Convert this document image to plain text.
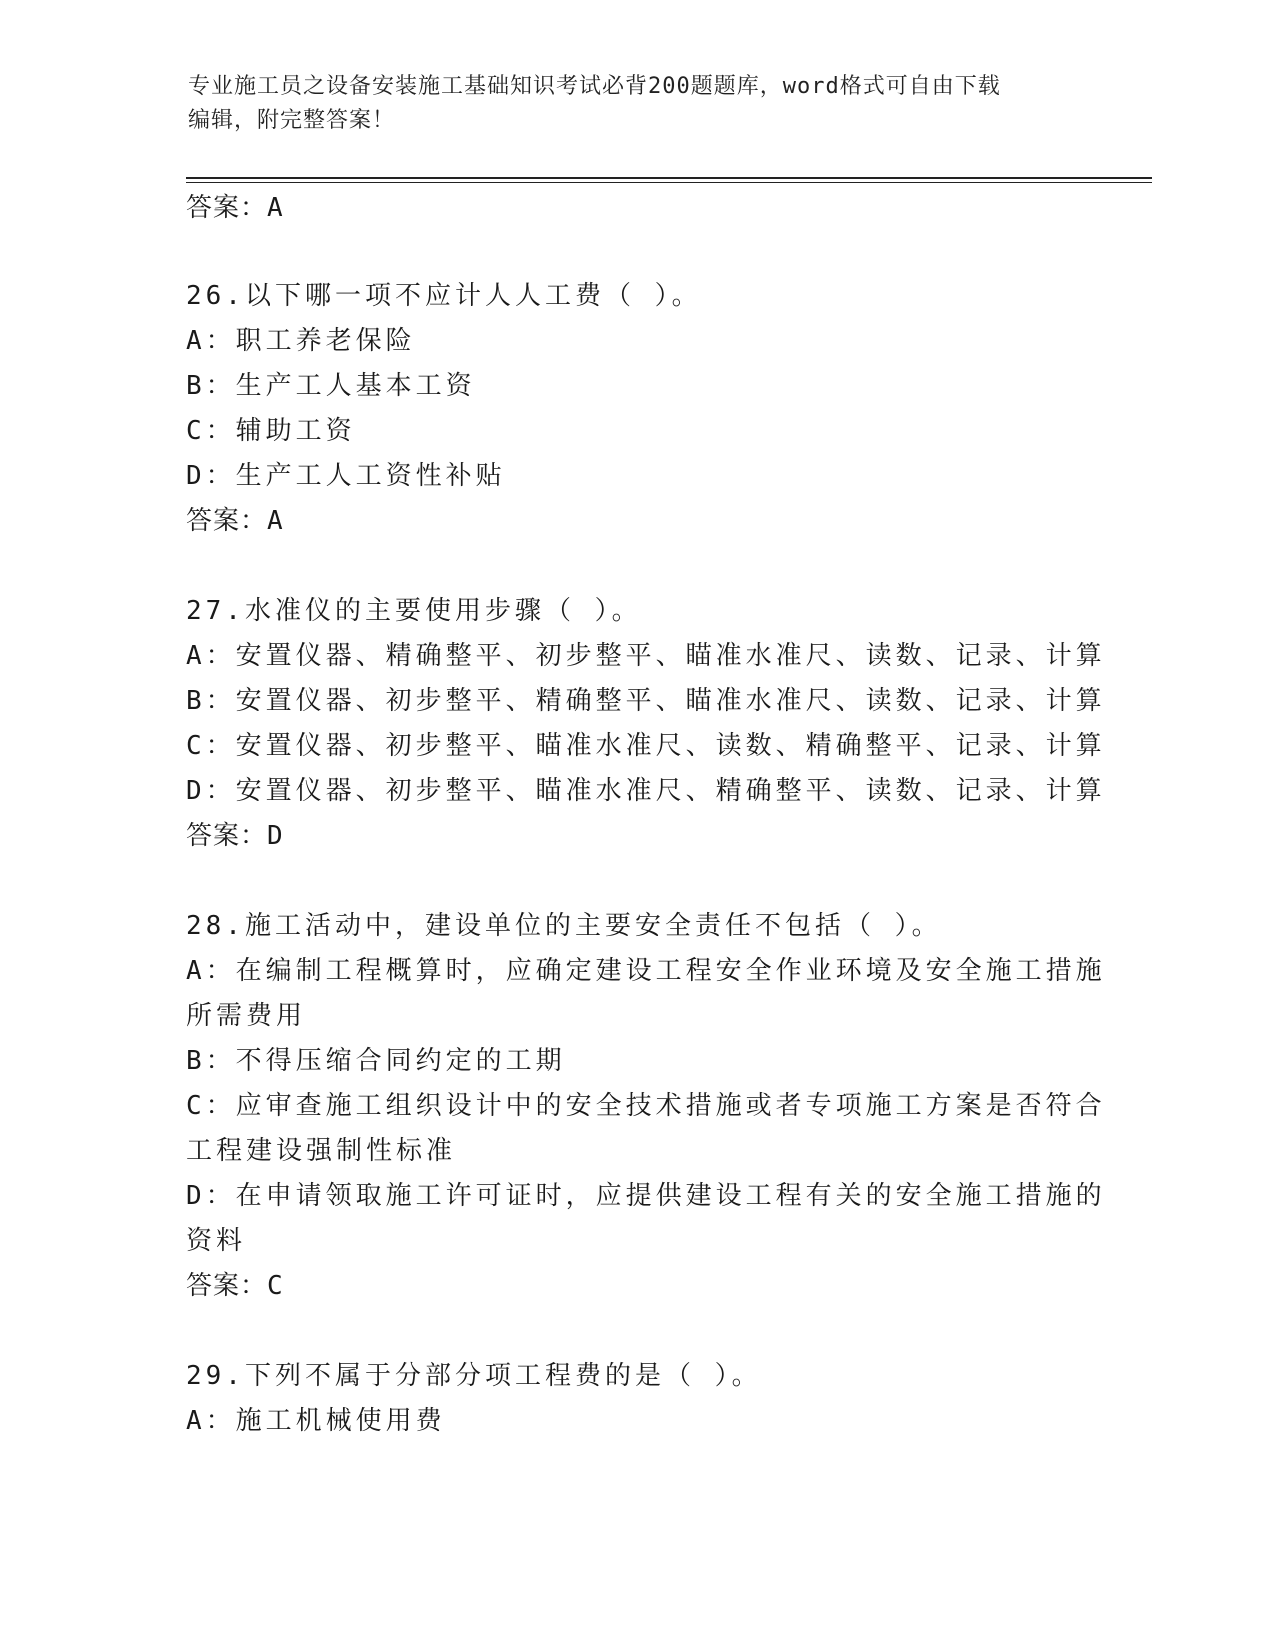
专业施工员之设备安装施工基础知识考试必背200题题库，word格式可自由下载
编辑，附完整答案！
答案：A
26.以下哪一项不应计人人工费（ ）。
A：职工养老保险
B：生产工人基本工资
C：辅助工资
D：生产工人工资性补贴
答案：A
27.水准仪的主要使用步骤（ ）。
A：安置仪器、精确整平、初步整平、瞄准水准尺、读数、记录、计算
B：安置仪器、初步整平、精确整平、瞄准水准尺、读数、记录、计算
C：安置仪器、初步整平、瞄准水准尺、读数、精确整平、记录、计算
D：安置仪器、初步整平、瞄准水准尺、精确整平、读数、记录、计算
答案：D
28.施工活动中，建设单位的主要安全责任不包括（ ）。
A：在编制工程概算时，应确定建设工程安全作业环境及安全施工措施
所需费用
B：不得压缩合同约定的工期
C：应审查施工组织设计中的安全技术措施或者专项施工方案是否符合
工程建设强制性标准
D：在申请领取施工许可证时，应提供建设工程有关的安全施工措施的
资料
答案：C
29.下列不属于分部分项工程费的是（ ）。
A：施工机械使用费
